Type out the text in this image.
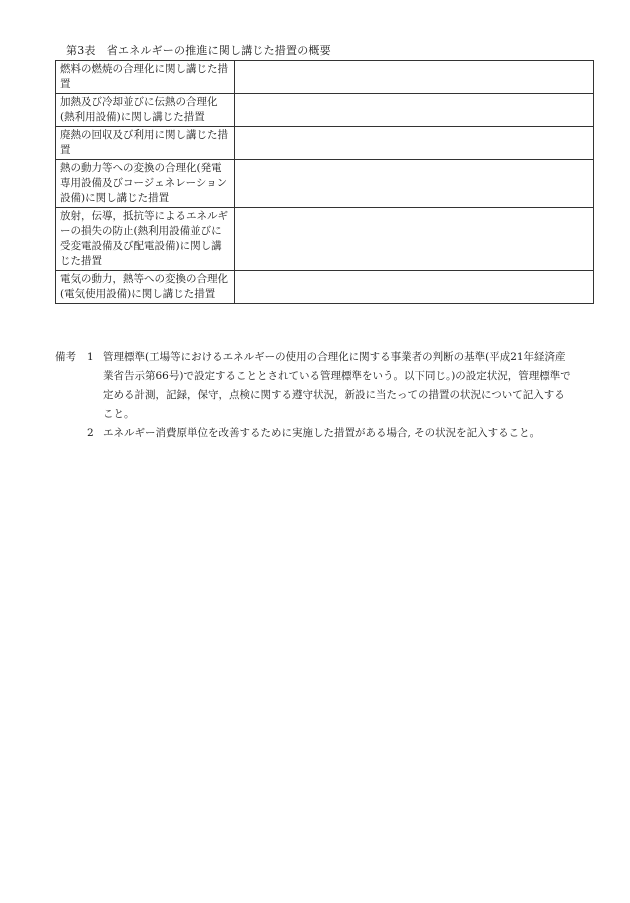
第3表　省エネルギーの推進に関し講じた措置の概要
燃料の燃焼の合理化に関し講じた措置	
加熱及び冷却並びに伝熱の合理化(熱利用設備)に関し講じた措置	
廃熱の回収及び利用に関し講じた措置	
熱の動力等への変換の合理化(発電専用設備及びコージェネレーション設備)に関し講じた措置	
放射，伝導，抵抗等によるエネルギーの損失の防止(熱利用設備並びに受変電設備及び配電設備)に関し講じた措置	
電気の動力，熱等への変換の合理化(電気使用設備)に関し講じた措置	
備考	1 管理標準(工場等におけるエネルギーの使用の合理化に関する事業者の判断の基準(平成21年経済産業省告示第66号)で設定することとされている管理標準をいう。以下同じ。)の設定状況，管理標準で定める計測，記録，保守，点検に関する遵守状況，新設に当たっての措置の状況について記入すること。
2 エネルギー消費原単位を改善するために実施した措置がある場合, その状況を記入すること。
